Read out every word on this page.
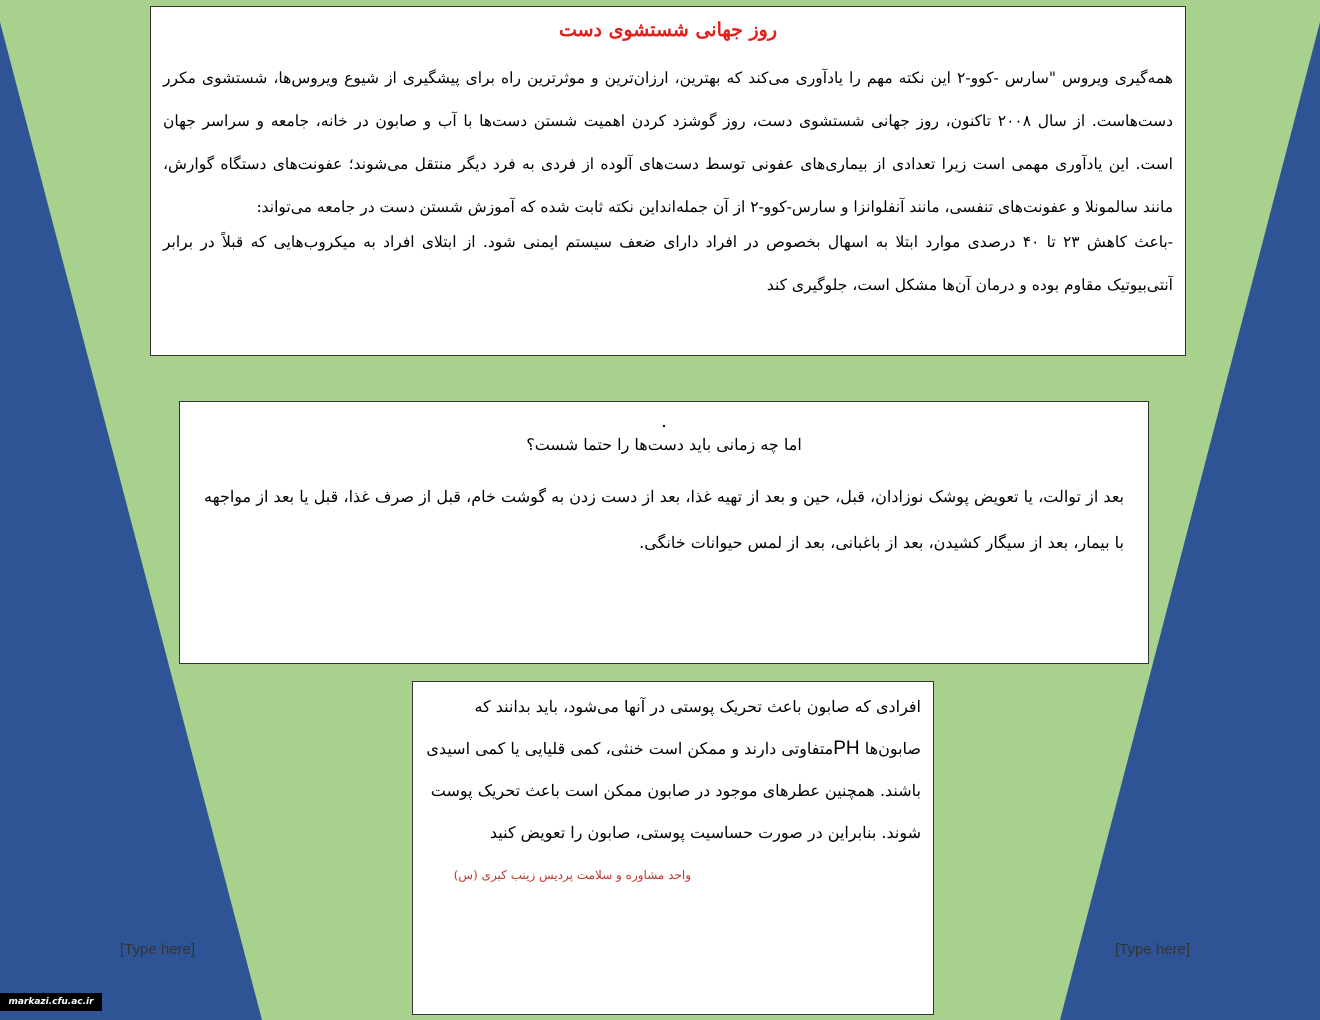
روز جهانی شستشوی دست
همه‌گیری ویروس "سارس -کوو-۲ این نکته مهم را یادآوری می‌کند که بهترین، ارزان‌ترین و موثرترین راه برای پیشگیری از شیوع ویروس‌ها، شستشوی مکرر دست‌هاست. از سال ۲۰۰۸ تاکنون، روز جهانی شستشوی دست، روز گوشزد کردن اهمیت شستن دست‌ها با آب و صابون در خانه، جامعه و سراسر جهان است. این یادآوری مهمی است زیرا تعدادی از بیماری‌های عفونی توسط دست‌های آلوده از فردی به فرد دیگر منتقل می‌شوند؛ عفونت‌های دستگاه گوارش، مانند سالمونلا و عفونت‌های تنفسی، مانند آنفلوانزا و سارس-کوو-۲ از آن جمله‌انداین نکته ثابت شده که آموزش شستن دست در جامعه می‌تواند:
-باعث کاهش ۲۳ تا ۴۰ درصدی موارد ابتلا به اسهال بخصوص در افراد دارای ضعف سیستم ایمنی شود. از ابتلای افراد به میکروب‌هایی که قبلاً در برابر آنتی‌بیوتیک مقاوم بوده و درمان آن‌ها مشکل است، جلوگیری کند
.
اما چه زمانی باید دست‌ها را حتما شست؟
بعد از توالت، یا تعویض پوشک نوزادان، قبل، حین و بعد از تهیه غذا، بعد از دست زدن به گوشت خام، قبل از صرف غذا، قبل یا بعد از مواجهه با بیمار، بعد از سیگار کشیدن، بعد از باغبانی، بعد از لمس حیوانات خانگی.
افرادی که صابون باعث تحریک پوستی در آنها می‌شود، باید بدانند که صابون‌ها PHمتفاوتی دارند و ممکن است خنثی، کمی قلیایی یا کمی اسیدی باشند. همچنین عطرهای موجود در صابون ممکن است باعث تحریک پوست شوند. بنابراین در صورت حساسیت پوستی، صابون را تعویض کنید
واحد مشاوره و سلامت پردیس زینب کبری (س)
[Type here]	[Type here]
markazi.cfu.ac.ir
